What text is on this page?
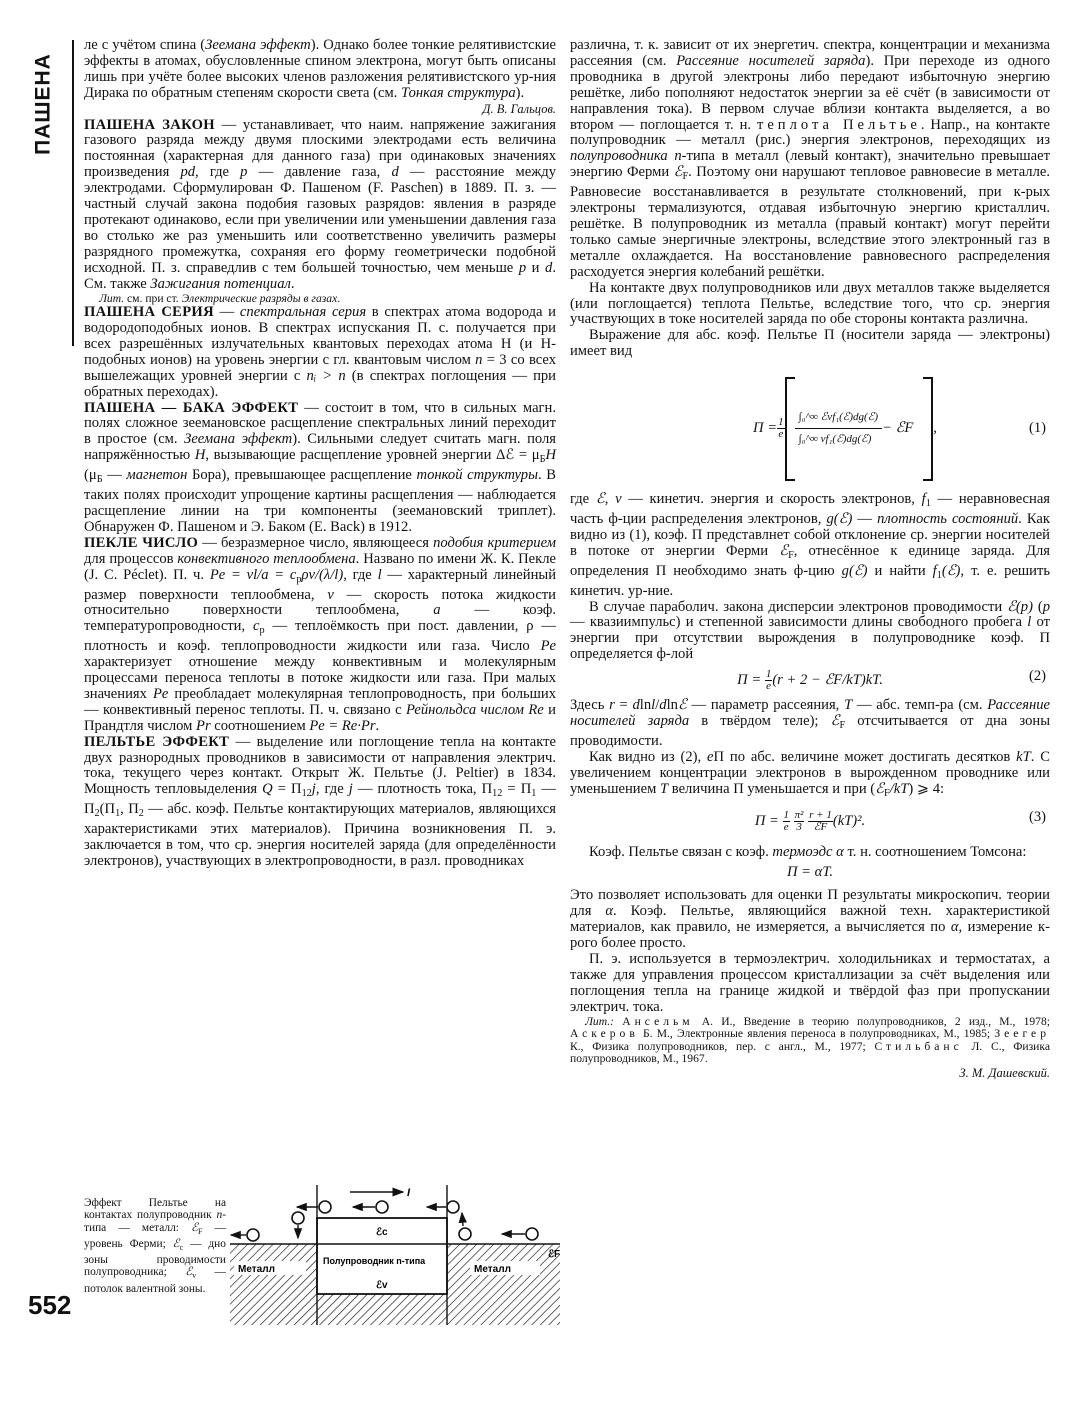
ПАШЕНА
552

ле с учётом спина (Зеемана эффект). Однако более тонкие релятивистские эффекты в атомах, обусловленные спином электрона, могут быть описаны лишь при учёте более высоких членов разложения релятивистского ур-ния Дирака по обратным степеням скорости света (см. Тонкая структура).

Д. В. Гальцов.

ПАШЕНА ЗАКОН — устанавливает, что наим. напряжение зажигания газового разряда между двумя плоскими электродами есть величина постоянная (характерная для данного газа) при одинаковых значениях произведения pd, где p — давление газа, d — расстояние между электродами. Сформулирован Ф. Пашеном (F. Paschen) в 1889. П. з. — частный случай закона подобия газовых разрядов: явления в разряде протекают одинаково, если при увеличении или уменьшении давления газа во столько же раз уменьшить или соответственно увеличить размеры разрядного промежутка, сохраняя его форму геометрически подобной исходной. П. з. справедлив с тем большей точностью, чем меньше p и d. См. также Зажигания потенциал.

Лит. см. при ст. Электрические разряды в газах.

ПАШЕНА СЕРИЯ — спектральная серия в спектрах атома водорода и водородоподобных ионов. В спектрах испускания П. с. получается при всех разрешённых излучательных квантовых переходах атома H (и H-подобных ионов) на уровень энергии с гл. квантовым числом n = 3 со всех вышележащих уровней энергии с nᵢ > n (в спектрах поглощения — при обратных переходах).

ПАШЕНА — БАКА ЭФФЕКТ — состоит в том, что в сильных магн. полях сложное зеемановское расщепление спектральных линий переходит в простое (см. Зеемана эффект). Сильными следует считать магн. поля напряжённостью H, вызывающие расщепление уровней энергии Δℰ = $\mu_БH$ ($\mu_Б$ — магнетон Бора), превышающее расщепление тонкой структуры. В таких полях происходит упрощение картины расщепления — наблюдается расщепление линии на три компоненты (зеемановский триплет). Обнаружен Ф. Пашеном и Э. Баком (E. Back) в 1912.

ПЕКЛЕ ЧИСЛО — безразмерное число, являющееся подобия критерием для процессов конвективного теплообмена. Названо по имени Ж. К. Пекле (J. C. Péclet). П. ч. $Pe = vl/a = c_p\rho v/(\lambda/l)$, где l — характерный линейный размер поверхности теплообмена, v — скорость потока жидкости относительно поверхности теплообмена, a — коэф. температуропроводности, $c_p$ — теплоёмкость при пост. давлении, ρ — плотность и коэф. теплопроводности жидкости или газа. Число Pe характеризует отношение между конвективным и молекулярным процессами переноса теплоты в потоке жидкости или газа. При малых значениях Pe преобладает молекулярная теплопроводность, при больших — конвективный перенос теплоты. П. ч. связано с Рейнольдса числом Re и Прандтля числом Pr соотношением Pe = Re·Pr.

ПЕЛЬТЬЕ ЭФФЕКТ — выделение или поглощение тепла на контакте двух разнородных проводников в зависимости от направления электрич. тока, текущего через контакт. Открыт Ж. Пельтье (J. Peltier) в 1834. Мощность тепловыделения $Q = \Pi_{12}j$, где j — плотность тока, $\Pi_{12} = \Pi_1$ — $\Pi_2(\Pi_1$, $\Pi_2$ — абс. коэф. Пельтье контактирующих материалов, являющихся характеристиками этих материалов). Причина возникновения П. э. заключается в том, что ср. энергия носителей заряда (для определённости электронов), участвующих в электропроводности, в разл. проводниках

Эффект Пельтье на контактах полупроводник n-типа — металл: ℰ$_F$ — уровень Ферми; ℰ$_c$ — дно зоны проводимости полупроводника; ℰ$_v$ — потолок валентной зоны.
I
ℰc
ℰv
ℰF
Полупроводник n-типа
Металл	Металл

различна, т. к. зависит от их энергетич. спектра, концентрации и механизма рассеяния (см. Рассеяние носителей заряда). При переходе из одного проводника в другой электроны либо передают избыточную энергию решётке, либо пополняют недостаток энергии за её счёт (в зависимости от направления тока). В первом случае вблизи контакта выделяется, а во втором — поглощается т. н. теплота Пельтье. Напр., на контакте полупроводник — металл (рис.) энергия электронов, переходящих из полупроводника n-типа в металл (левый контакт), значительно превышает энергию Ферми ℰ$_F$. Поэтому они нарушают тепловое равновесие в металле. Равновесие восстанавливается в результате столкновений, при к-рых электроны термализуются, отдавая избыточную энергию кристаллич. решётке. В полупроводник из металла (правый контакт) могут перейти только самые энергичные электроны, вследствие этого электронный газ в металле охлаждается. На восстановление равновесного распределения расходуется энергия колебаний решётки.

На контакте двух полупроводников или двух металлов также выделяется (или поглощается) теплота Пельтье, вследствие того, что ср. энергия участвующих в токе носителей заряда по обе стороны контакта различна.

Выражение для абс. коэф. Пельтье Π (носители заряда — электроны) имеет вид

$\Pi = \frac{1}{e}$	∫₀^∞ ℰvf₁(ℰ)dg(ℰ)
∫₀^∞ vf₁(ℰ)dg(ℰ)
− ℰF ,	(1)

где ℰ, v — кинетич. энергия и скорость электронов, $f_1$ — неравновесная часть ф-ции распределения электронов, g(ℰ) — плотность состояний. Как видно из (1), коэф. Π представлнет собой отклонение ср. энергии носителей в потоке от энергии Ферми ℰ$_F$, отнесённое к единице заряда. Для определения Π необходимо знать ф-цию g(ℰ) и найти $f_1(ℰ)$, т. е. решить кинетич. ур-ние.

В случае параболич. закона дисперсии электронов проводимости ℰ(p) (p — квазиимпульс) и степенной зависимости длины свободного пробега l от энергии при отсутствии вырождения в полупроводнике коэф. Π определяется ф-лой

$\Pi = \frac{1}{e} (r + 2$ − ℰF/kT)kT.	(2)

Здесь r = dlnl/dlnℰ — параметр рассеяния, T — абс. темп-ра (см. Рассеяние носителей заряда в твёрдом теле); ℰ$_F$ отсчитывается от дна зоны проводимости.

Как видно из (2), eΠ по абс. величине может достигать десятков kT. С увеличением концентрации электронов в вырожденном проводнике или уменьшением T величина Π уменьшается и при (ℰ$_F$/kT) ⩾ 4:

$\Pi = \frac{1}{e}$
$\frac{\text{π²}}{3}$
$\frac{r + 1}{\text{ℰF}} (kT)^2$.	(3)

Коэф. Пельтье связан с коэф. термоэдс α т. н. соотношением Томсона:

Π = αT.

Это позволяет использовать для оценки Π результаты микроскопич. теории для α. Коэф. Пельтье, являющийся важной техн. характеристикой материалов, как правило, не измеряется, а вычисляется по α, измерение к-рого более просто.

П. э. используется в термоэлектрич. холодильниках и термостатах, а также для управления процессом кристаллизации за счёт выделения или поглощения тепла на границе жидкой и твёрдой фаз при пропускании электрич. тока.

Лит.: Ансельм А. И., Введение в теорию полупроводников, 2 изд., М., 1978; Аскеров Б. М., Электронные явления переноса в полупроводниках, М., 1985; Зеегер К., Физика полупроводников, пер. с англ., М., 1977; Стильбанс Л. С., Физика полупроводников, М., 1967.

З. М. Дашевский.
